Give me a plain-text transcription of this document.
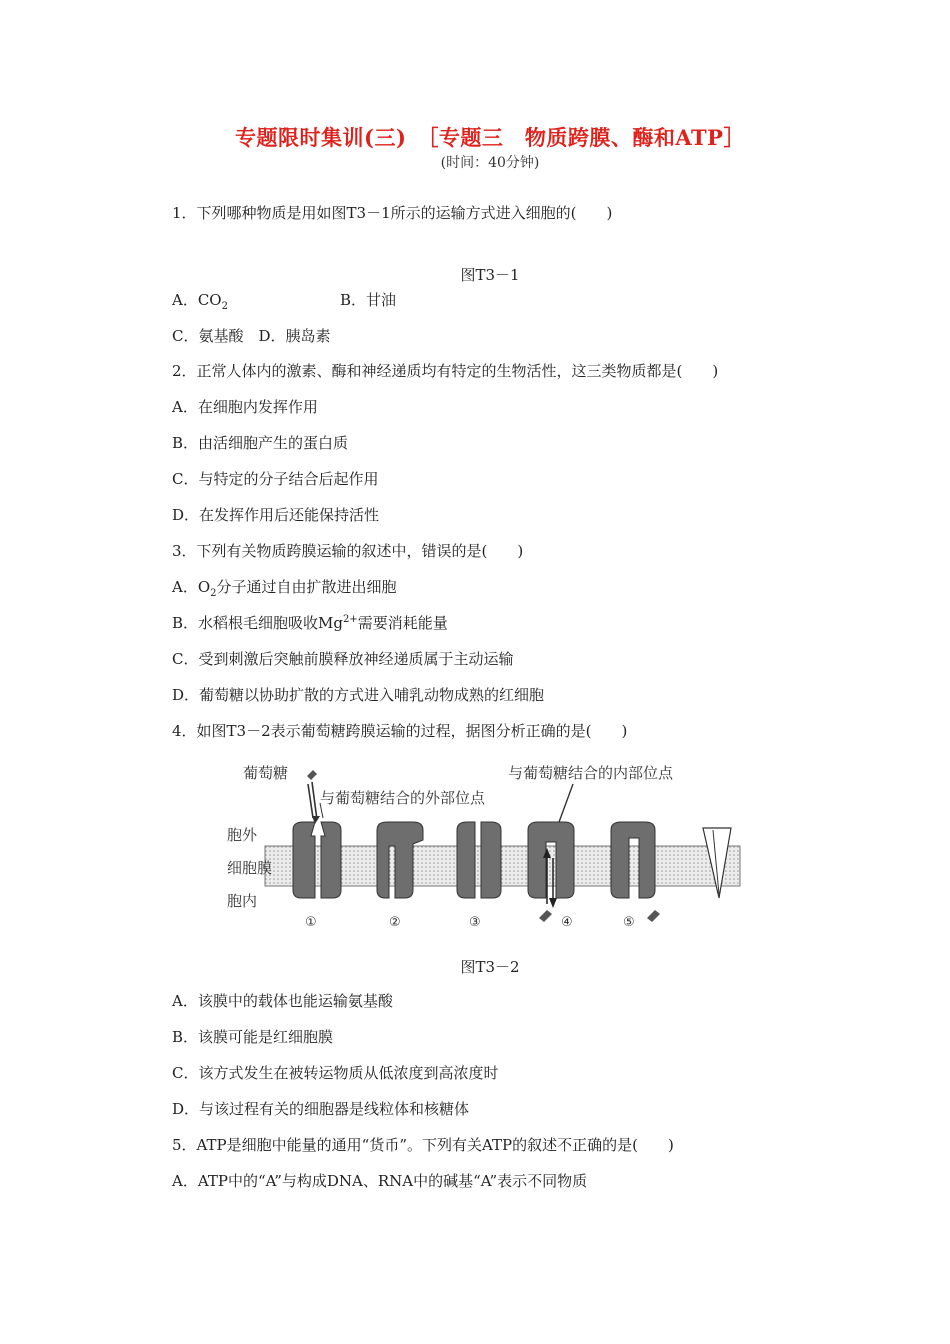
专题限时集训(三)　［专题三　物质跨膜、酶和ATP］
(时间：40分钟)
1．下列哪种物质是用如图T3－1所示的运输方式进入细胞的(　　)
图T3－1
A．$CO_2$	B．甘油
C．氨基酸　D．胰岛素
2．正常人体内的激素、酶和神经递质均有特定的生物活性，这三类物质都是(　　)
A．在细胞内发挥作用
B．由活细胞产生的蛋白质
C．与特定的分子结合后起作用
D．在发挥作用后还能保持活性
3．下列有关物质跨膜运输的叙述中，错误的是(　　)
A．$O_2$分子通过自由扩散进出细胞
B．水稻根毛细胞吸收$Mg^{2+}$需要消耗能量
C．受到刺激后突触前膜释放神经递质属于主动运输
D．葡萄糖以协助扩散的方式进入哺乳动物成熟的红细胞
4．如图T3－2表示葡萄糖跨膜运输的过程，据图分析正确的是(　　)
胞外
细胞膜
胞内
葡萄糖
与葡萄糖结合的外部位点
与葡萄糖结合的内部位点
①	②	③	④	⑤
图T3－2
A．该膜中的载体也能运输氨基酸
B．该膜可能是红细胞膜
C．该方式发生在被转运物质从低浓度到高浓度时
D．与该过程有关的细胞器是线粒体和核糖体
5．ATP是细胞中能量的通用“货币”。下列有关ATP的叙述不正确的是(　　)
A．ATP中的“A”与构成DNA、RNA中的碱基“A”表示不同物质
